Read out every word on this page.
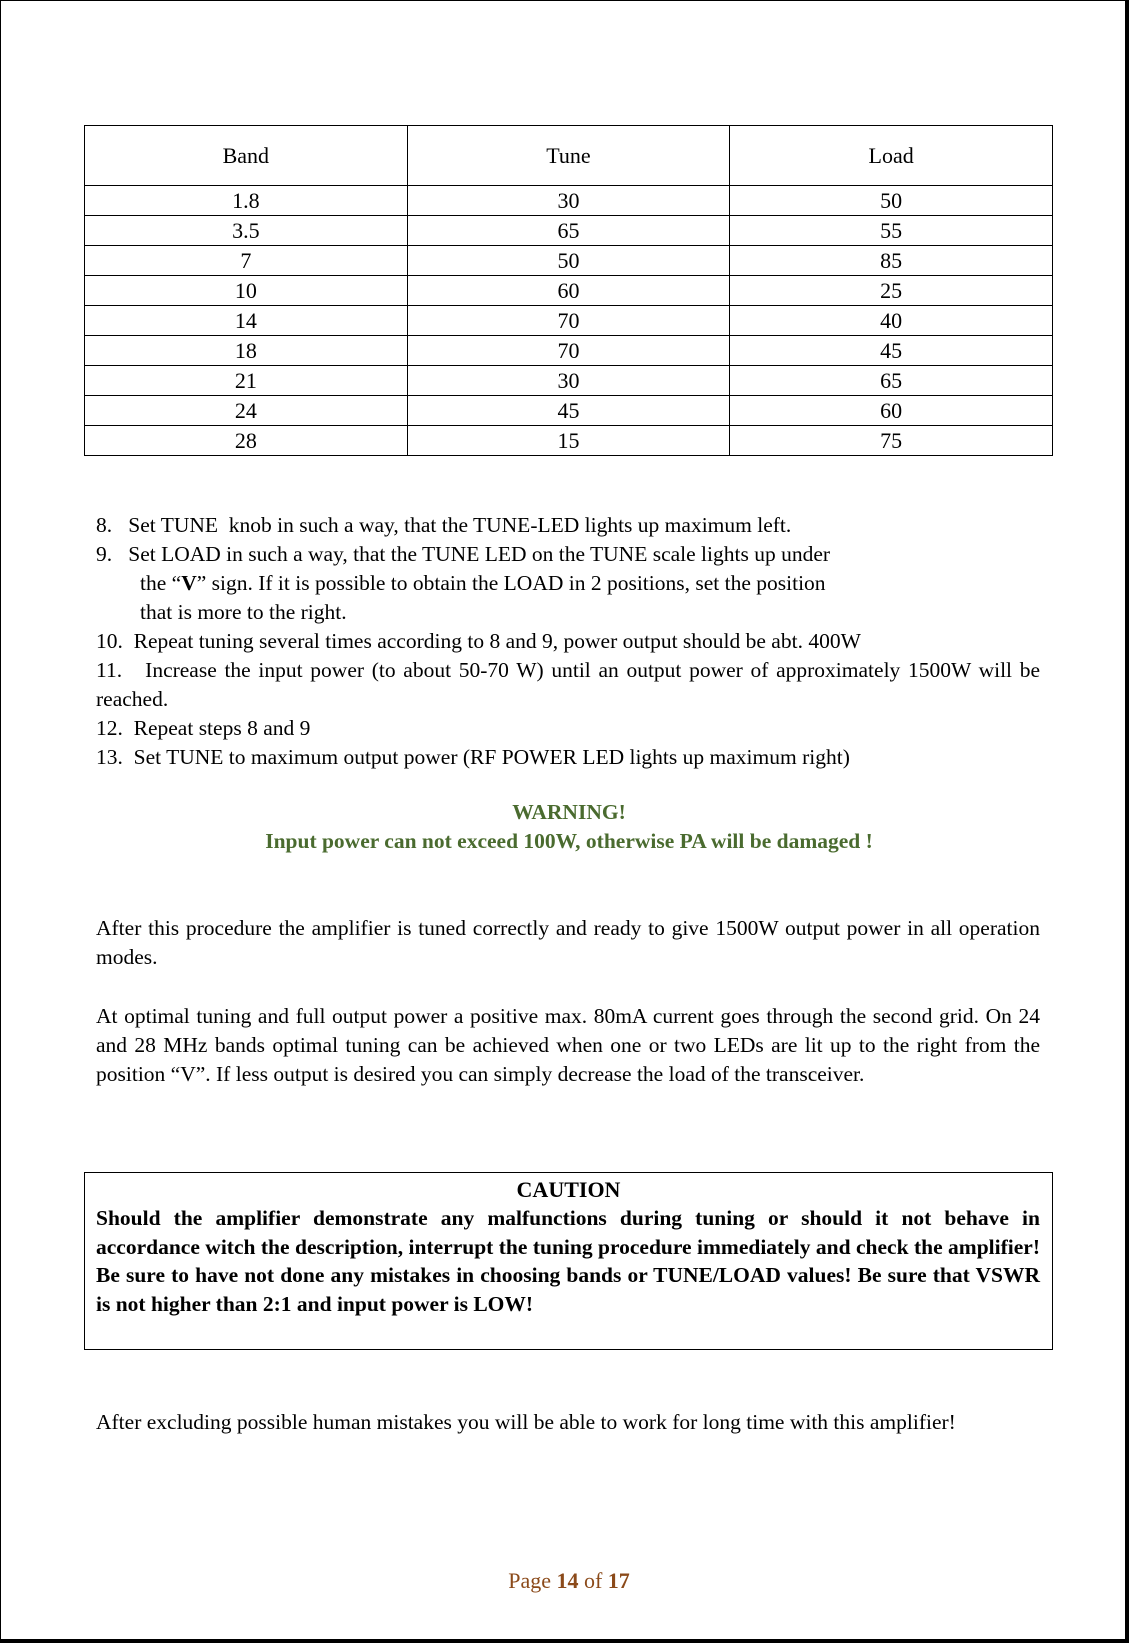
Band	Tune	Load
1.8	30	50
3.5	65	55
7	50	85
10	60	25
14	70	40
18	70	45
21	30	65
24	45	60
28	15	75
8. Set TUNE  knob in such a way, that the TUNE-LED lights up maximum left.
9. Set LOAD in such a way, that the TUNE LED on the TUNE scale lights up under
the “V” sign. If it is possible to obtain the LOAD in 2 positions, set the position
that is more to the right.
10. Repeat tuning several times according to 8 and 9, power output should be abt. 400W
11. Increase the input power (to about 50-70 W) until an output power of approximately 1500W will be reached.
12. Repeat steps 8 and 9
13. Set TUNE to maximum output power (RF POWER LED lights up maximum right)
WARNING!
Input power can not exceed 100W, otherwise PA will be damaged !
After this procedure the amplifier is tuned correctly and ready to give 1500W output power in all operation modes.
At optimal tuning and full output power a positive max. 80mA current goes through the second grid. On 24 and 28 MHz bands optimal tuning can be achieved when one or two LEDs are lit up to the right from the position “V”. If less output is desired you can simply decrease the load of the transceiver.
CAUTION
Should the amplifier demonstrate any malfunctions during tuning or should it not behave in accordance witch the description, interrupt the tuning procedure immediately and check the amplifier! Be sure to have not done any mistakes in choosing bands or TUNE/LOAD values! Be sure that VSWR is not higher than 2:1 and input power is LOW!
After excluding possible human mistakes you will be able to work for long time with this amplifier!
Page 14 of 17
